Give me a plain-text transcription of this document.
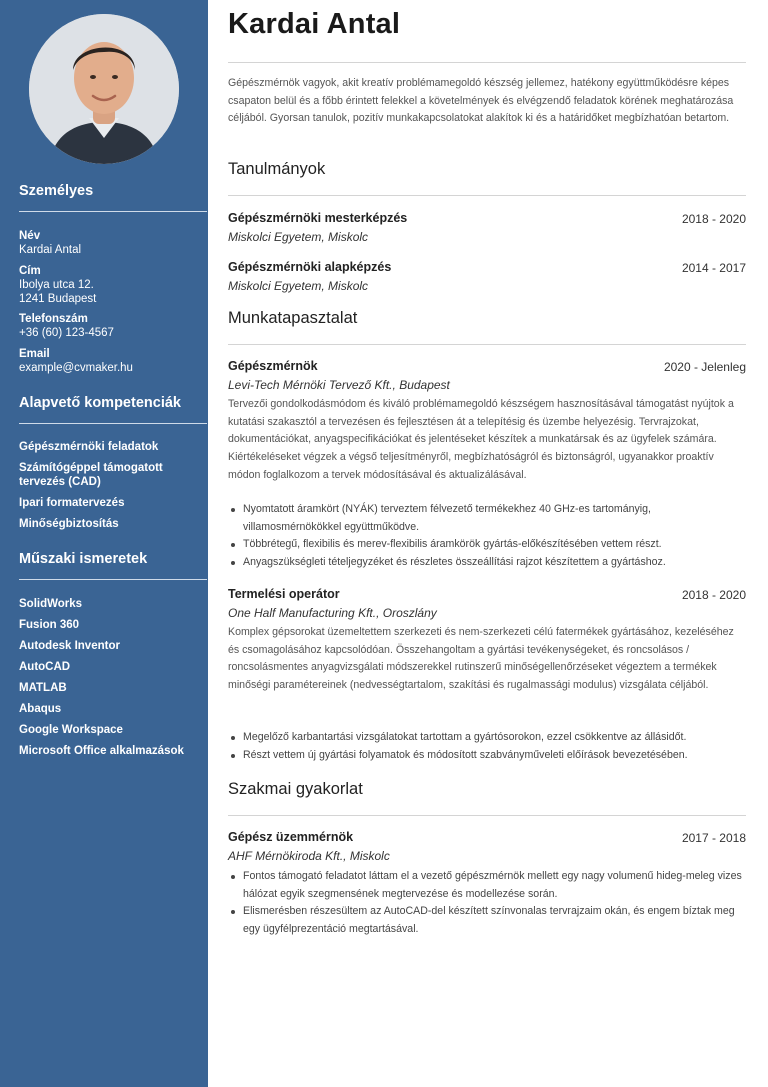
Személyes
Név
Kardai Antal
Cím
Ibolya utca 12.
1241 Budapest
Telefonszám
+36 (60) 123-4567
Email
example@cvmaker.hu
Alapvető kompetenciák
Gépészmérnöki feladatok
Számítógéppel támogatott tervezés (CAD)
Ipari formatervezés
Minőségbiztosítás
Műszaki ismeretek
SolidWorks
Fusion 360
Autodesk Inventor
AutoCAD
MATLAB
Abaqus
Google Workspace
Microsoft Office alkalmazások
Kardai Antal
Gépészmérnök vagyok, akit kreatív problémamegoldó készség jellemez, hatékony együttműködésre képes csapaton belül és a főbb érintett felekkel a követelmények és elvégzendő feladatok körének meghatározása céljából. Gyorsan tanulok, pozitív munkakapcsolatokat alakítok ki és a határidőket megbízhatóan betartom.
Tanulmányok
Gépészmérnöki mesterképzés	2018 - 2020
Miskolci Egyetem, Miskolc
Gépészmérnöki alapképzés	2014 - 2017
Miskolci Egyetem, Miskolc
Munkatapasztalat
Gépészmérnök	2020 - Jelenleg
Levi-Tech Mérnöki Tervező Kft., Budapest
Tervezői gondolkodásmódom és kiváló problémamegoldó készségem hasznosításával támogatást nyújtok a kutatási szakasztól a tervezésen és fejlesztésen át a telepítésig és üzembe helyezésig. Tervrajzokat, dokumentációkat, anyagspecifikációkat és jelentéseket készítek a munkatársak és az ügyfelek számára. Kiértékeléseket végzek a végső teljesítményről, megbízhatóságról és biztonságról, ugyanakkor proaktív módon foglalkozom a tervek módosításával és aktualizálásával.
Nyomtatott áramkört (NYÁK) terveztem félvezető termékekhez 40 GHz-es tartományig, villamosmérnökökkel együttműködve.
Többrétegű, flexibilis és merev-flexibilis áramkörök gyártás-előkészítésében vettem részt.
Anyagszükségleti tételjegyzéket és részletes összeállítási rajzot készítettem a gyártáshoz.
Termelési operátor	2018 - 2020
One Half Manufacturing Kft., Oroszlány
Komplex gépsorokat üzemeltettem szerkezeti és nem-szerkezeti célú fatermékek gyártásához, kezeléséhez és csomagolásához kapcsolódóan. Összehangoltam a gyártási tevékenységeket, és roncsolásos / roncsolásmentes anyagvizsgálati módszerekkel rutinszerű minőségellenőrzéseket végeztem a termékek minőségi paramétereinek (nedvességtartalom, szakítási és rugalmassági modulus) vizsgálata céljából.
Megelőző karbantartási vizsgálatokat tartottam a gyártósorokon, ezzel csökkentve az állásidőt.
Részt vettem új gyártási folyamatok és módosított szabványműveleti előírások bevezetésében.
Szakmai gyakorlat
Gépész üzemmérnök	2017 - 2018
AHF Mérnökiroda Kft., Miskolc
Fontos támogató feladatot láttam el a vezető gépészmérnök mellett egy nagy volumenű hideg-meleg vizes hálózat egyik szegmensének megtervezése és modellezése során.
Elismerésben részesültem az AutoCAD-del készített színvonalas tervrajzaim okán, és engem bíztak meg egy ügyfélprezentáció megtartásával.
